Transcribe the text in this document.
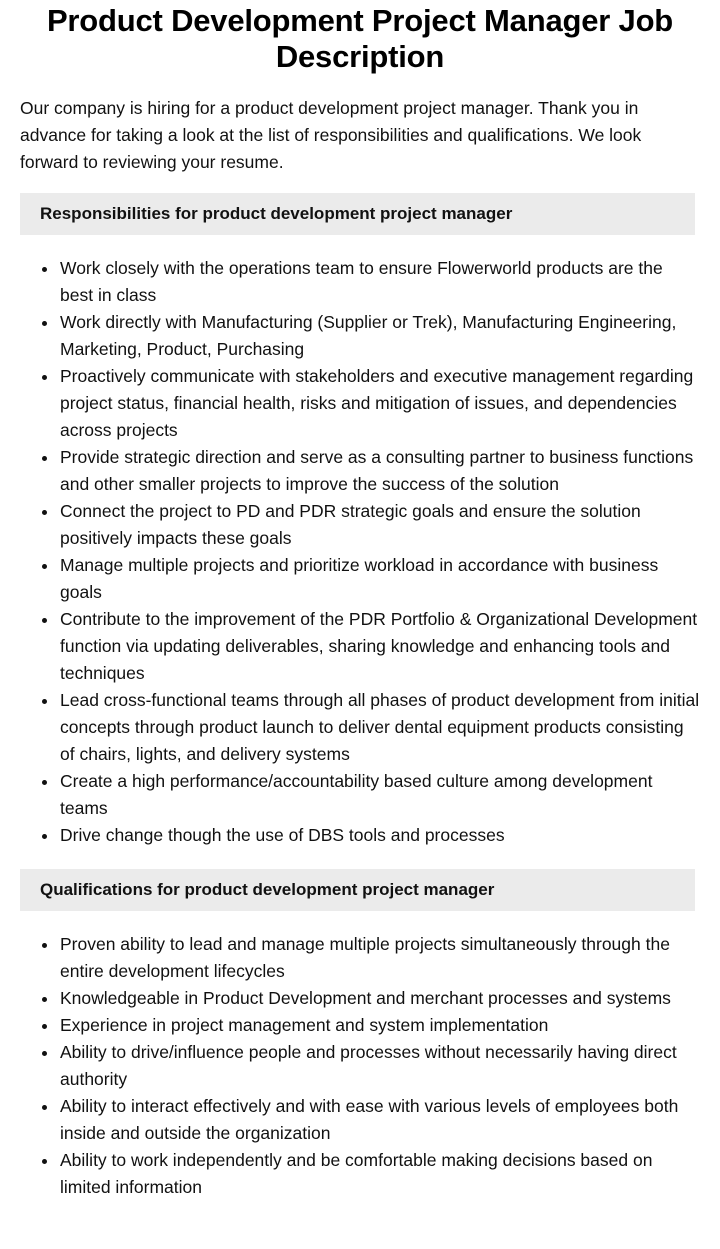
Product Development Project Manager Job Description

Our company is hiring for a product development project manager. Thank you in advance for taking a look at the list of responsibilities and qualifications. We look forward to reviewing your resume.

Responsibilities for product development project manager
Work closely with the operations team to ensure Flowerworld products are the best in class
Work directly with Manufacturing (Supplier or Trek), Manufacturing Engineering, Marketing, Product, Purchasing
Proactively communicate with stakeholders and executive management regarding project status, financial health, risks and mitigation of issues, and dependencies across projects
Provide strategic direction and serve as a consulting partner to business functions and other smaller projects to improve the success of the solution
Connect the project to PD and PDR strategic goals and ensure the solution positively impacts these goals
Manage multiple projects and prioritize workload in accordance with business goals
Contribute to the improvement of the PDR Portfolio & Organizational Development function via updating deliverables, sharing knowledge and enhancing tools and techniques
Lead cross-functional teams through all phases of product development from initial concepts through product launch to deliver dental equipment products consisting of chairs, lights, and delivery systems
Create a high performance/accountability based culture among development teams
Drive change though the use of DBS tools and processes
Qualifications for product development project manager
Proven ability to lead and manage multiple projects simultaneously through the entire development lifecycles
Knowledgeable in Product Development and merchant processes and systems
Experience in project management and system implementation
Ability to drive/influence people and processes without necessarily having direct authority
Ability to interact effectively and with ease with various levels of employees both inside and outside the organization
Ability to work independently and be comfortable making decisions based on limited information
